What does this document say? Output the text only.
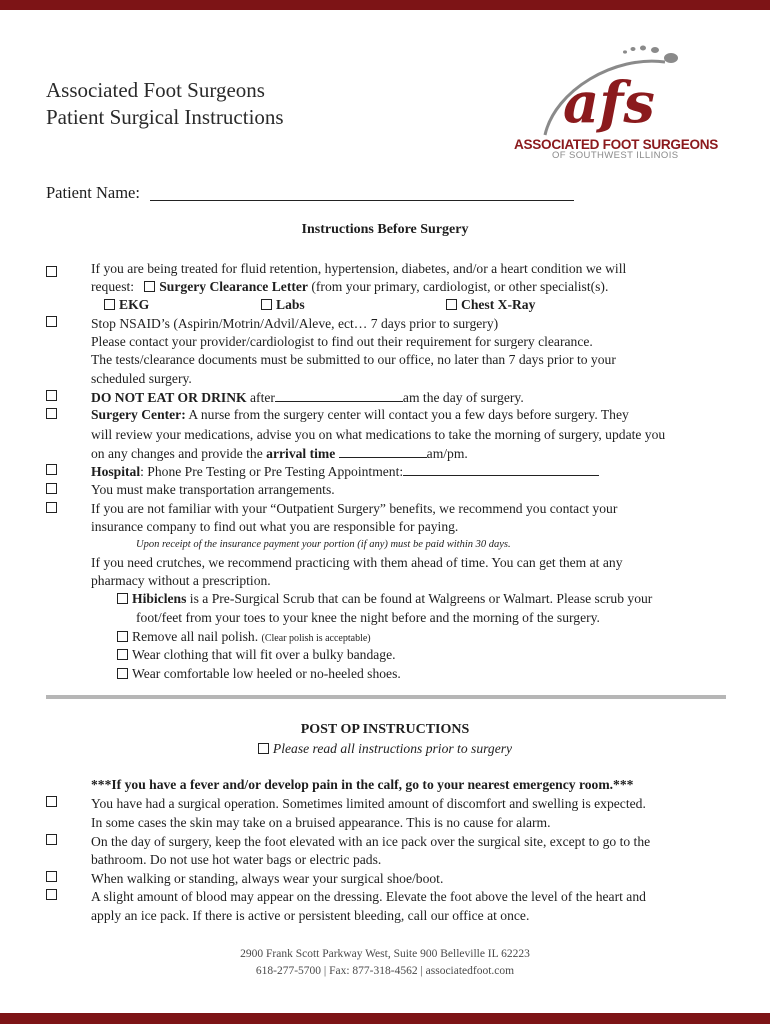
Associated Foot Surgeons
Patient Surgical Instructions	afs
ASSOCIATED FOOT SURGEONS
OF SOUTHWEST ILLINOIS
Patient Name:
Instructions Before Surgery
If you are being treated for fluid retention, hypertension, diabetes, and/or a heart condition we will
request: Surgery Clearance Letter (from your primary, cardiologist, or other specialist(s).
EKG	Labs	Chest X-Ray
Stop NSAID’s (Aspirin/Motrin/Advil/Aleve, ect… 7 days prior to surgery)
Please contact your provider/cardiologist to find out their requirement for surgery clearance.
The tests/clearance documents must be submitted to our office, no later than 7 days prior to your
scheduled surgery.
DO NOT EAT OR DRINK after	am the day of surgery.
Surgery Center: A nurse from the surgery center will contact you a few days before surgery. They
will review your medications, advise you on what medications to take the morning of surgery, update you
on any changes and provide the arrival time	am/pm.
Hospital: Phone Pre Testing or Pre Testing Appointment:
You must make transportation arrangements.
If you are not familiar with your “Outpatient Surgery” benefits, we recommend you contact your
insurance company to find out what you are responsible for paying.
Upon receipt of the insurance payment your portion (if any) must be paid within 30 days.
If you need crutches, we recommend practicing with them ahead of time. You can get them at any
pharmacy without a prescription.
Hibiclens is a Pre-Surgical Scrub that can be found at Walgreens or Walmart. Please scrub your
foot/feet from your toes to your knee the night before and the morning of the surgery.
Remove all nail polish. (Clear polish is acceptable)
Wear clothing that will fit over a bulky bandage.
Wear comfortable low heeled or no-heeled shoes.
POST OP INSTRUCTIONS
Please read all instructions prior to surgery
***If you have a fever and/or develop pain in the calf, go to your nearest emergency room.***
You have had a surgical operation. Sometimes limited amount of discomfort and swelling is expected.
In some cases the skin may take on a bruised appearance. This is no cause for alarm.
On the day of surgery, keep the foot elevated with an ice pack over the surgical site, except to go to the
bathroom. Do not use hot water bags or electric pads.
When walking or standing, always wear your surgical shoe/boot.
A slight amount of blood may appear on the dressing. Elevate the foot above the level of the heart and
apply an ice pack. If there is active or persistent bleeding, call our office at once.
2900 Frank Scott Parkway West, Suite 900 Belleville IL 62223
618-277-5700 | Fax: 877-318-4562 | associatedfoot.com
